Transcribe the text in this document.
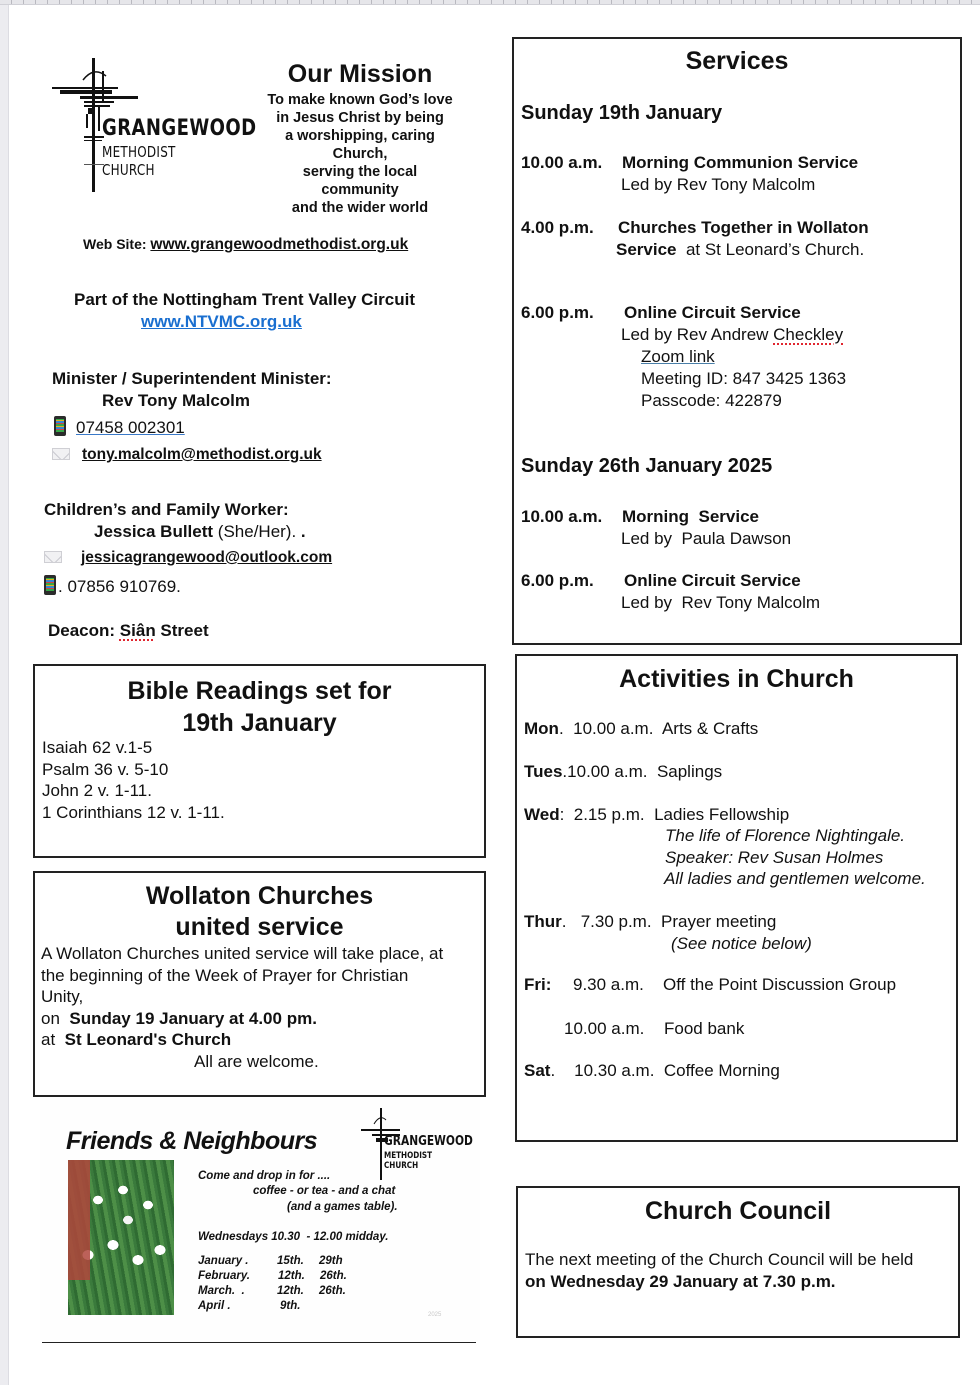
GRANGEWOOD
METHODIST CHURCH
Our Mission
To make known God’s love
in Jesus Christ by being
a worshipping, caring
Church,
serving the local
community
and the wider world
Web Site: www.grangewoodmethodist.org.uk
Part of the Nottingham Trent Valley Circuit
www.NTVMC.org.uk
Minister / Superintendent Minister:
Rev Tony Malcolm
07458 002301
tony.malcolm@methodist.org.uk
Children’s and Family Worker:
Jessica Bullett (She/Her). .
jessicagrangewood@outlook.com
. 07856 910769.
Deacon: Siân Street
Services
Sunday 19th January
10.00 a.m. Morning Communion Service
Led by Rev Tony Malcolm
4.00 p.m. Churches Together in Wollaton
Service  at St Leonard’s Church.
6.00 p.m. Online Circuit Service
Led by Rev Andrew Checkley
Zoom link
Meeting ID: 847 3425 1363
Passcode: 422879
Sunday 26th January 2025
10.00 a.m. Morning  Service
Led by  Paula Dawson
6.00 p.m. Online Circuit Service
Led by  Rev Tony Malcolm
Bible Readings set for
19th January
Isaiah 62 v.1-5
Psalm 36 v. 5-10
John 2 v. 1-11.
1 Corinthians 12 v. 1-11.
Wollaton Churches
united service
A Wollaton Churches united service will take place, at
the beginning of the Week of Prayer for Christian
Unity,
on  Sunday 19 January at 4.00 pm.
at  St Leonard's Church
All are welcome.
Friends & Neighbours	GRANGEWOOD
METHODIST CHURCH
Come and drop in for ....
coffee - or tea - and a chat
(and a games table).
Wednesdays 10.30  - 12.00 midday.
January . 15th. 29th
February. 12th. 26th.
March.  .	12th. 26th.
April .	9th.
2025
Activities in Church
Mon.  10.00 a.m. Arts & Crafts
Tues.10.00 a.m. Saplings
Wed:  2.15 p.m. Ladies Fellowship
The life of Florence Nightingale.
Speaker: Rev Susan Holmes
All ladies and gentlemen welcome.
Thur.   7.30 p.m. Prayer meeting
(See notice below)
Fri: 9.30 a.m. Off the Point Discussion Group
10.00 a.m. Food bank
Sat. 10.30 a.m. Coffee Morning
Church Council
The next meeting of the Church Council will be held
on Wednesday 29 January at 7.30 p.m.
